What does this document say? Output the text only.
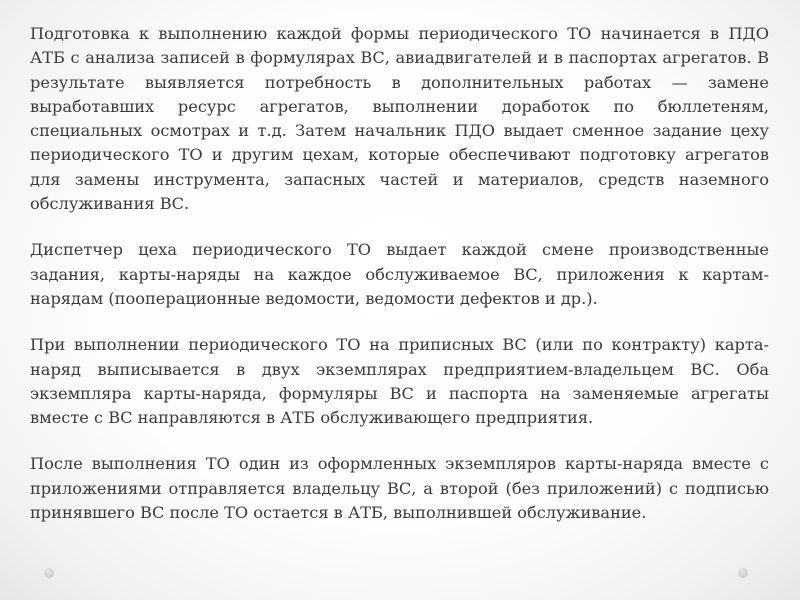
Подготовка к выполнению каждой формы периодического ТО начинается в ПДО АТБ с анализа записей в формулярах ВС, авиадвигателей и в паспортах агрегатов. В результате выявляется потребность в дополнительных работах — замене выработавших ресурс агрегатов, выполнении доработок по бюллетеням, специальных осмотрах и т.д. Затем начальник ПДО выдает сменное задание цеху периодического ТО и другим цехам, которые обеспечивают подготовку агрегатов для замены инструмента, запасных частей и материалов, средств наземного обслуживания ВС.

Диспетчер цеха периодического ТО выдает каждой смене производственные задания, карты-наряды на каждое обслуживаемое ВС, приложения к картам-нарядам (пооперационные ведомости, ведомости дефектов и др.).

При выполнении периодического ТО на приписных ВС (или по контракту) карта-наряд выписывается в двух экземплярах предприятием-владельцем ВС. Оба экземпляра карты-наряда, формуляры ВС и паспорта на заменяемые агрегаты вместе с ВС направляются в АТБ обслуживающего предприятия.

После выполнения ТО один из оформленных экземпляров карты-наряда вместе с приложениями отправляется владельцу ВС, а второй (без приложений) с подписью принявшего ВС после ТО остается в АТБ, выполнившей обслуживание.
